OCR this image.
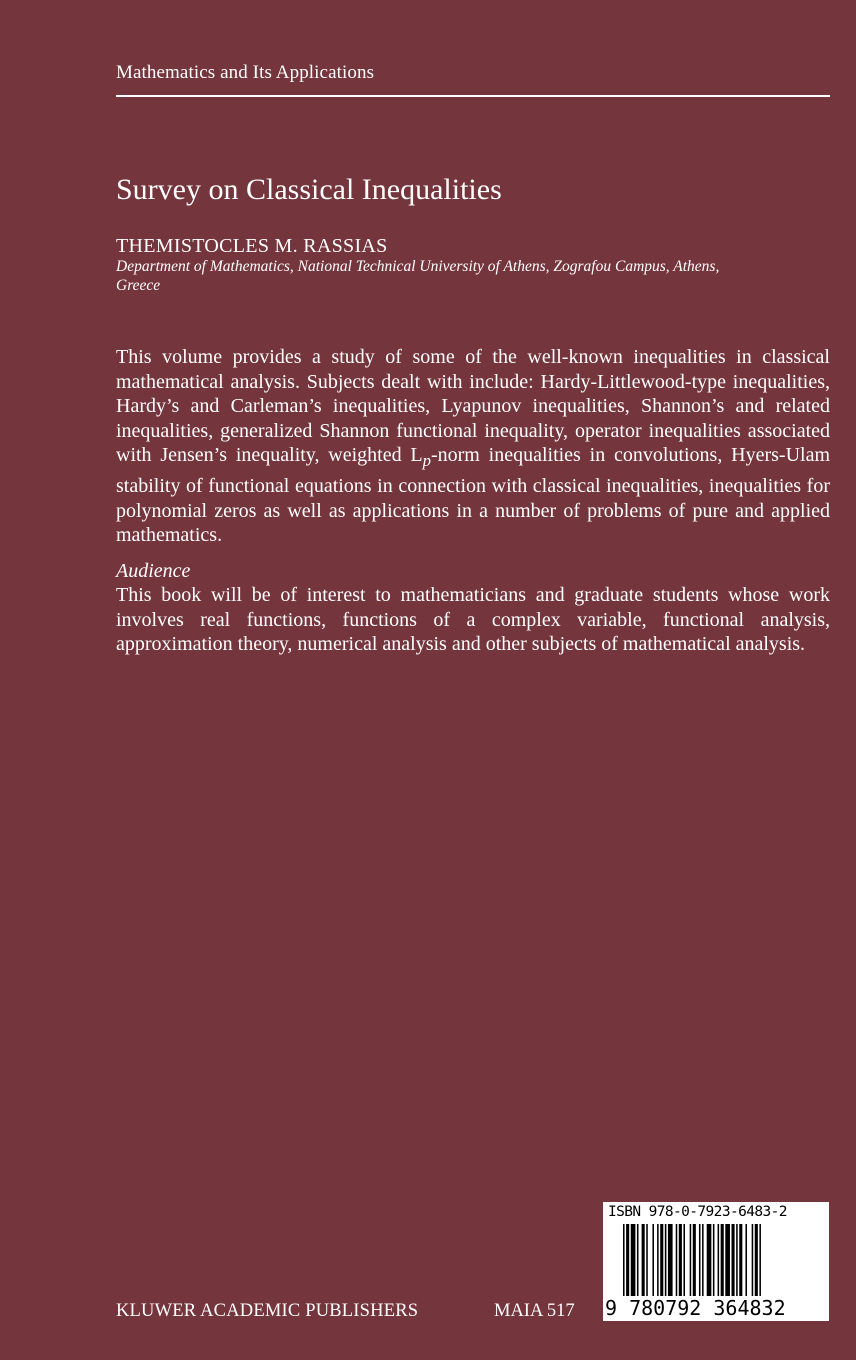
Mathematics and Its Applications
Survey on Classical Inequalities
THEMISTOCLES M. RASSIAS
Department of Mathematics, National Technical University of Athens, Zografou Campus, Athens, Greece
This volume provides a study of some of the well-known inequalities in classical mathematical analysis. Subjects dealt with include: Hardy-Littlewood-type inequalities, Hardy’s and Carleman’s inequalities, Lyapunov inequalities, Shannon’s and related inequalities, generalized Shannon functional inequality, operator inequalities associated with Jensen’s inequality, weighted $L_p$-norm inequalities in convolutions, Hyers-Ulam stability of functional equations in connection with classical inequalities, inequalities for polynomial zeros as well as applications in a number of problems of pure and applied mathematics.
Audience
This book will be of interest to mathematicians and graduate students whose work involves real functions, functions of a complex variable, functional analysis, approximation theory, numerical analysis and other subjects of mathematical analysis.
KLUWER ACADEMIC PUBLISHERS	MAIA 517
ISBN 978-0-7923-6483-2
9 780792 364832
